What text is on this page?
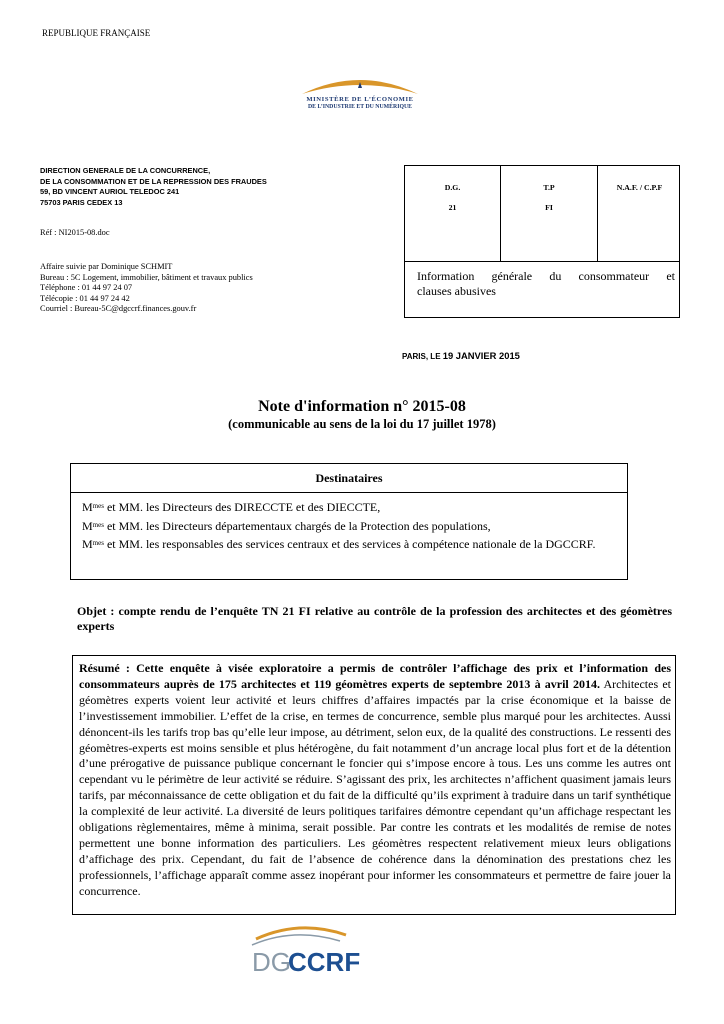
REPUBLIQUE FRANÇAISE
MINISTÈRE DE L’ÉCONOMIE
DE L’INDUSTRIE ET DU NUMÉRIQUE
DIRECTION GENERALE DE LA CONCURRENCE,
DE LA CONSOMMATION ET DE LA REPRESSION DES FRAUDES
59, BD VINCENT AURIOL TELEDOC 241
75703 PARIS CEDEX 13
Réf : NI2015-08.doc
Affaire suivie par Dominique SCHMIT
Bureau : 5C Logement, immobilier, bâtiment et travaux publics
Téléphone : 01 44 97 24 07
Télécopie : 01 44 97 24 42
Courriel : Bureau-5C@dgccrf.finances.gouv.fr
D.G.
21
T.P
FI
N.A.F. / C.P.F
Information générale du consommateur et
clauses abusives
PARIS, LE 19 JANVIER 2015
Note d'information n° 2015-08
(communicable au sens de la loi du 17 juillet 1978)
Destinataires
$M^{mes}$ et MM. les Directeurs des DIRECCTE et des DIECCTE,
$M^{mes}$ et MM. les Directeurs départementaux chargés de la Protection des populations,
$M^{mes}$ et MM. les responsables des services centraux et des services à compétence nationale de la DGCCRF.
Objet : compte rendu de l’enquête TN 21 FI relative au contrôle de la profession des architectes et des géomètres experts
Résumé : Cette enquête à visée exploratoire a permis de contrôler l’affichage des prix et l’information des consommateurs auprès de 175 architectes et 119 géomètres experts de septembre 2013 à avril 2014. Architectes et géomètres experts voient leur activité et leurs chiffres d’affaires impactés par la crise économique et la baisse de l’investissement immobilier. L’effet de la crise, en termes de concurrence, semble plus marqué pour les architectes. Aussi dénoncent-ils les tarifs trop bas qu’elle leur impose, au détriment, selon eux, de la qualité des constructions. Le ressenti des géomètres-experts est moins sensible et plus hétérogène, du fait notamment d’un ancrage local plus fort et de la détention d’une prérogative de puissance publique concernant le foncier qui s’impose encore à tous. Les uns comme les autres ont cependant vu le périmètre de leur activité se réduire. S’agissant des prix, les architectes n’affichent quasiment jamais leurs tarifs, par méconnaissance de cette obligation et du fait de la difficulté qu’ils expriment à traduire dans un tarif synthétique la complexité de leur activité. La diversité de leurs politiques tarifaires démontre cependant qu’un affichage respectant les obligations règlementaires, même à minima, serait possible. Par contre les contrats et les modalités de remise de notes permettent une bonne information des particuliers. Les géomètres respectent relativement mieux leurs obligations d’affichage des prix. Cependant, du fait de l’absence de cohérence dans la dénomination des prestations chez les professionnels, l’affichage apparaît comme assez inopérant pour informer les consommateurs et permettre de faire jouer la concurrence.
DG
CCRF
